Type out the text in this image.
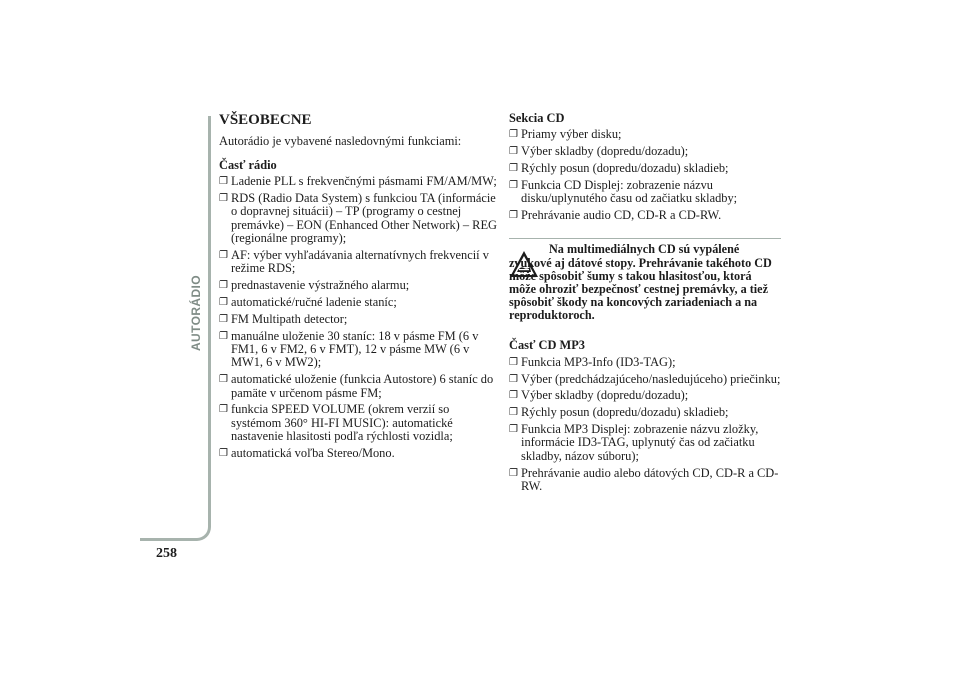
AUTORÁDIO
258
VŠEOBECNE
Autorádio je vybavené nasledovnými funkciami:
Časť rádio
❐ Ladenie PLL s frekvenčnými pásmami FM/AM/MW;
❐ RDS (Radio Data System) s funkciou TA (informácie o dopravnej situácii) – TP (programy o cestnej premávke) – EON (Enhanced Other Network) – REG (regionálne programy);
❐ AF: výber vyhľadávania alternatívnych frekvencií v režime RDS;
❐ prednastavenie výstražného alarmu;
❐ automatické/ručné ladenie staníc;
❐ FM Multipath detector;
❐ manuálne uloženie 30 staníc: 18 v pásme FM (6 v FM1, 6 v FM2, 6 v FMT), 12 v pásme MW (6 v MW1, 6 v MW2);
❐ automatické uloženie (funkcia Autostore) 6 staníc do pamäte v určenom pásme FM;
❐ funkcia SPEED VOLUME (okrem verzií so systémom 360° HI-FI MUSIC): automatické nastavenie hlasitosti podľa rýchlosti vozidla;
❐ automatická voľba Stereo/Mono.
Sekcia CD
❐ Priamy výber disku;
❐ Výber skladby (dopredu/dozadu);
❐ Rýchly posun (dopredu/dozadu) skladieb;
❐ Funkcia CD Displej: zobrazenie názvu disku/uplynutého času od začiatku skladby;
❐ Prehrávanie audio CD, CD-R a CD-RW.
Na multimediálnych CD sú vypálené zvukové aj dátové stopy. Prehrávanie takéhoto CD môže spôsobiť šumy s takou hlasitosťou, ktorá môže ohroziť bezpečnosť cestnej premávky, a tiež spôsobiť škody na koncových zariadeniach a na reproduktoroch.
Časť CD MP3
❐ Funkcia MP3-Info (ID3-TAG);
❐ Výber (predchádzajúceho/nasledujúceho) priečinku;
❐ Výber skladby (dopredu/dozadu);
❐ Rýchly posun (dopredu/dozadu) skladieb;
❐ Funkcia MP3 Displej: zobrazenie názvu zložky, informácie ID3-TAG, uplynutý čas od začiatku skladby, názov súboru);
❐ Prehrávanie audio alebo dátových CD, CD-R a CD-RW.
